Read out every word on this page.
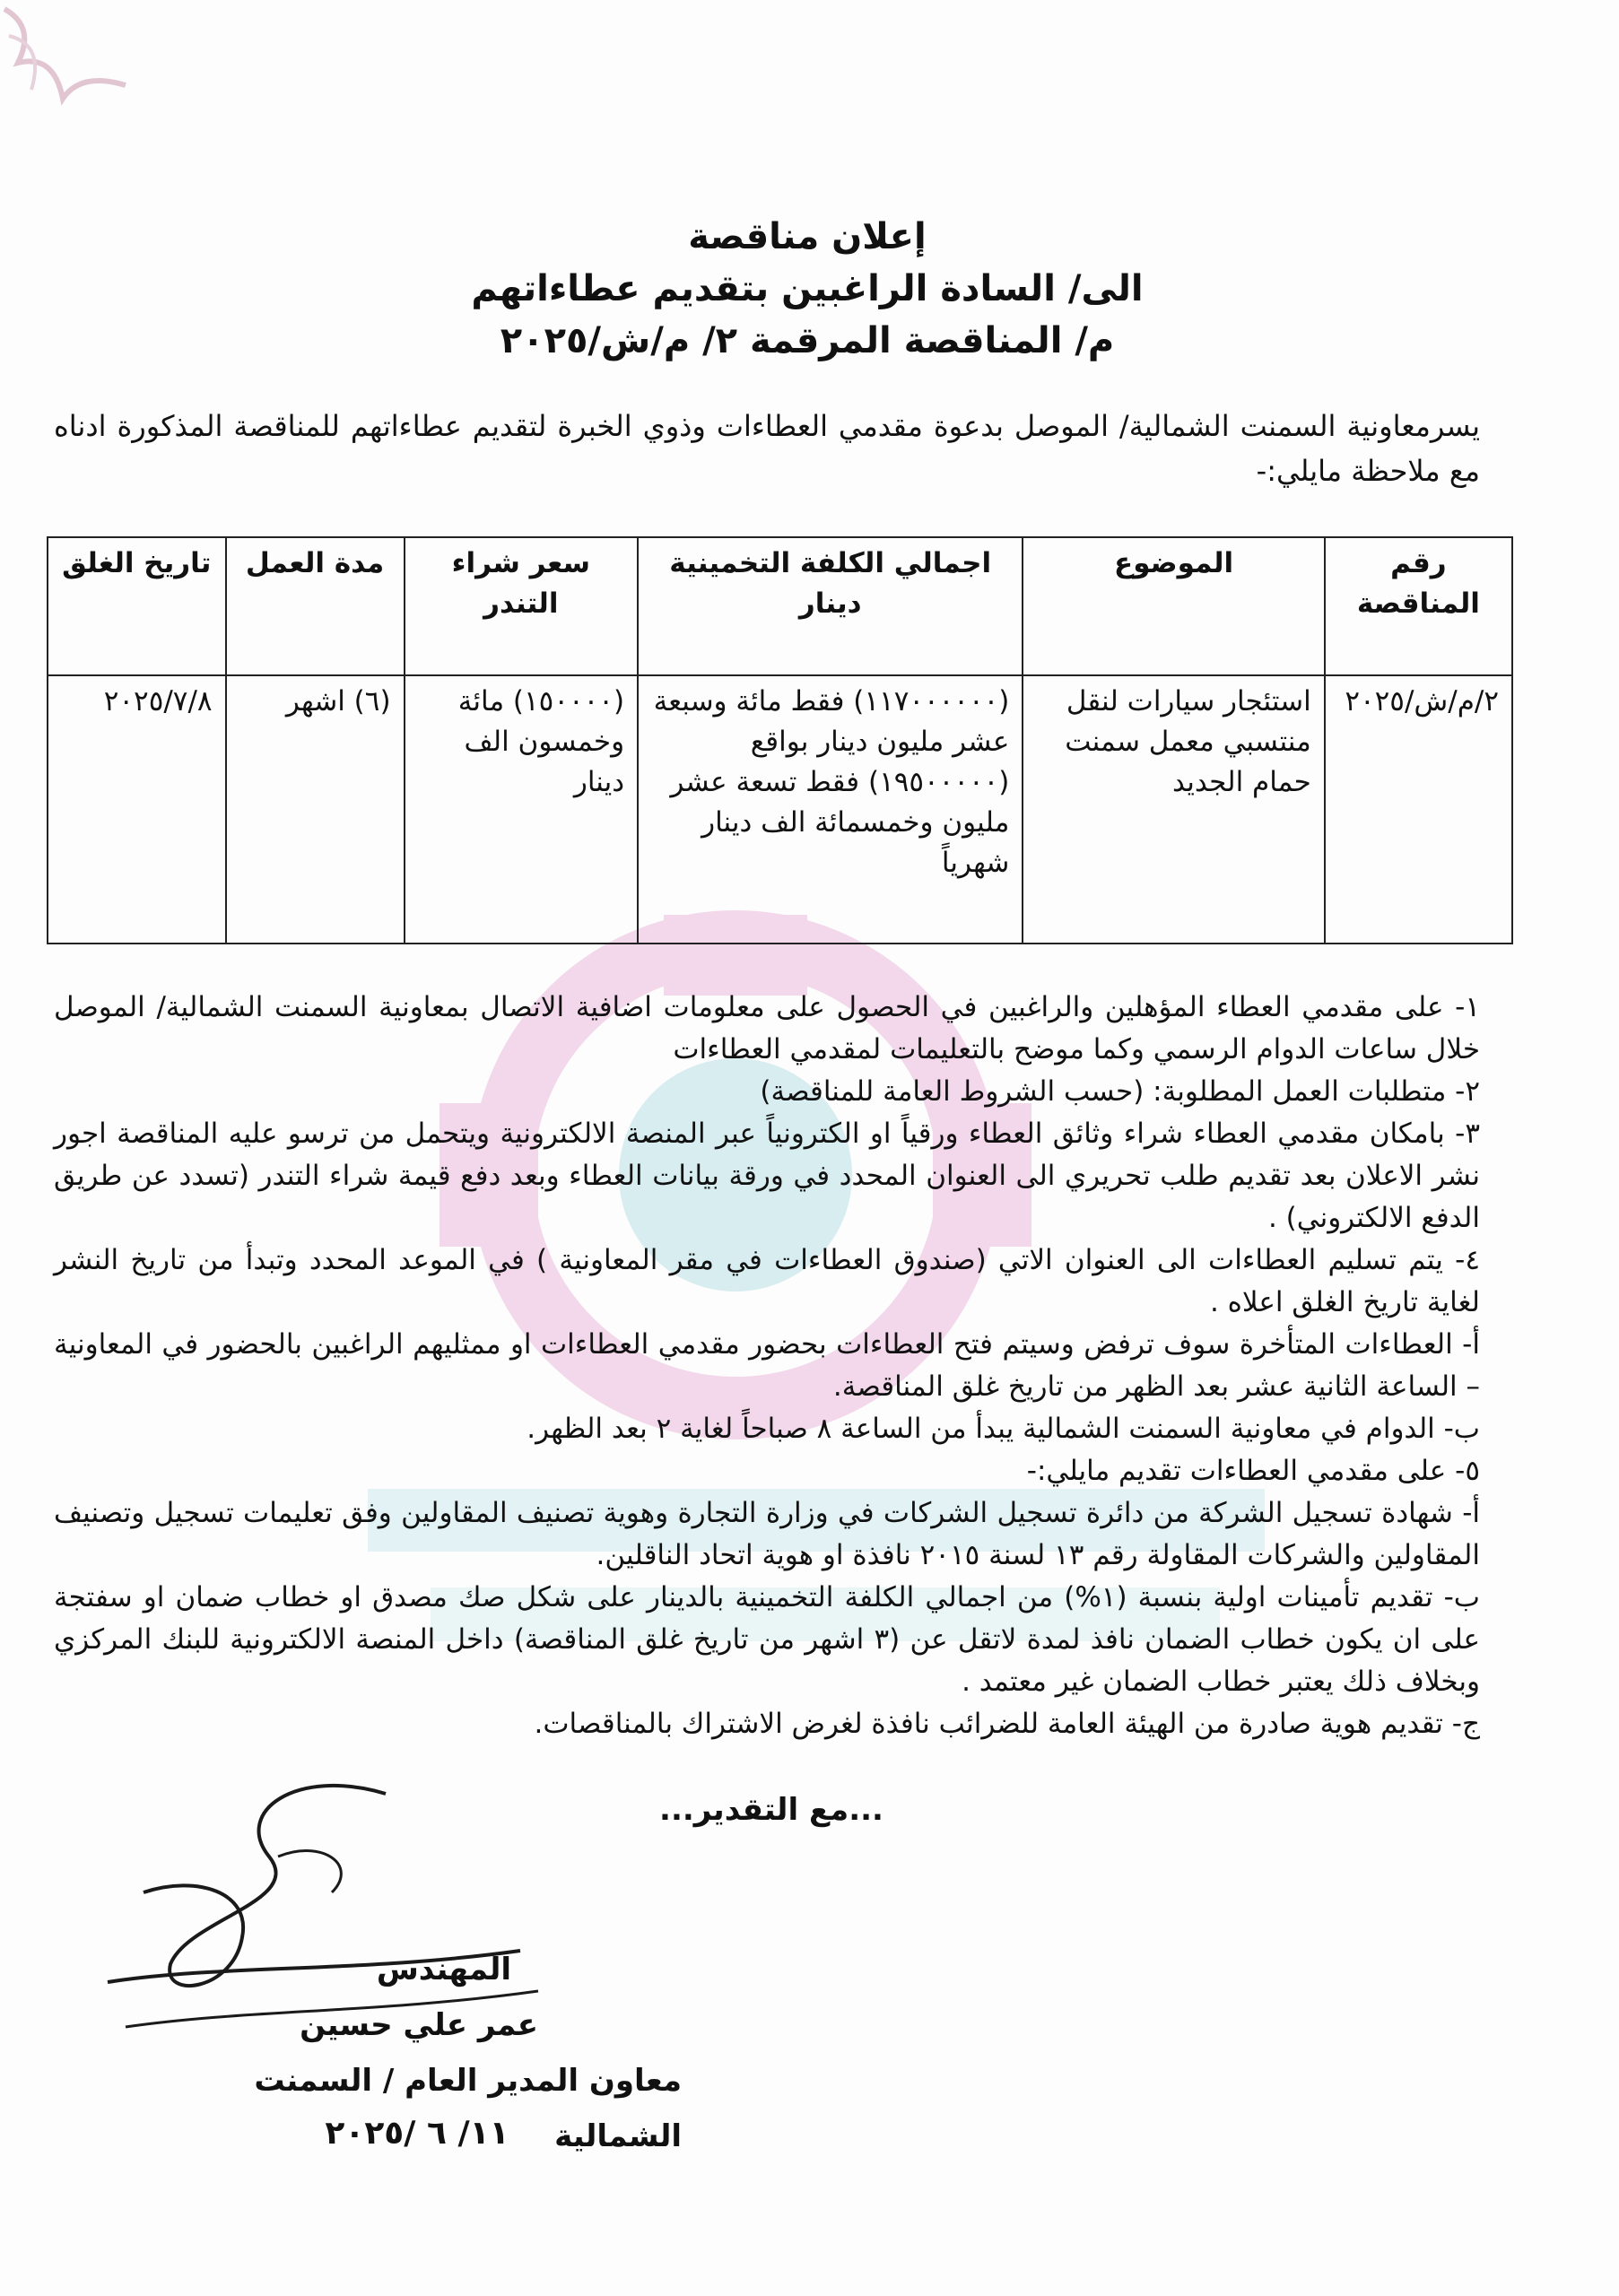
إعلان مناقصة
الى/ السادة الراغبين بتقديم عطاءاتهم
م/ المناقصة المرقمة ٢/ م/ش/٢٠٢٥
يسرمعاونية السمنت الشمالية/ الموصل بدعوة مقدمي العطاءات وذوي الخبرة لتقديم عطاءاتهم للمناقصة المذكورة ادناه مع ملاحظة مايلي:-
رقم المناقصة	الموضوع	اجمالي الكلفة التخمينية دينار	سعر شراء التندر	مدة العمل	تاريخ الغلق
٢/م/ش/٢٠٢٥	استئجار سيارات لنقل منتسبي معمل سمنت حمام الجديد	(١١٧٠٠٠٠٠٠) فقط مائة وسبعة عشر مليون دينار بواقع (١٩٥٠٠٠٠٠) فقط تسعة عشر مليون وخمسمائة الف دينار شهرياً	(١٥٠٠٠٠) مائة وخمسون الف دينار	(٦) اشهر	٢٠٢٥/٧/٨

١- على مقدمي العطاء المؤهلين والراغبين في الحصول على معلومات اضافية الاتصال بمعاونية السمنت الشمالية/ الموصل خلال ساعات الدوام الرسمي وكما موضح بالتعليمات لمقدمي العطاءات

٢- متطلبات العمل المطلوبة: (حسب الشروط العامة للمناقصة)

٣- بامكان مقدمي العطاء شراء وثائق العطاء ورقياً او الكترونياً عبر المنصة الالكترونية ويتحمل من ترسو عليه المناقصة اجور نشر الاعلان بعد تقديم طلب تحريري الى العنوان المحدد في ورقة بيانات العطاء وبعد دفع قيمة شراء التندر (تسدد عن طريق الدفع الالكتروني) .

٤- يتم تسليم العطاءات الى العنوان الاتي (صندوق العطاءات في مقر المعاونية ) في الموعد المحدد وتبدأ من تاريخ النشر لغاية تاريخ الغلق اعلاه .

أ- العطاءات المتأخرة سوف ترفض وسيتم فتح العطاءات بحضور مقدمي العطاءات او ممثليهم الراغبين بالحضور في المعاونية – الساعة الثانية عشر بعد الظهر من تاريخ غلق المناقصة.

ب- الدوام في معاونية السمنت الشمالية يبدأ من الساعة ٨ صباحاً لغاية ٢ بعد الظهر.

٥- على مقدمي العطاءات تقديم مايلي:-

أ- شهادة تسجيل الشركة من دائرة تسجيل الشركات في وزارة التجارة وهوية تصنيف المقاولين وفق تعليمات تسجيل وتصنيف المقاولين والشركات المقاولة رقم ١٣ لسنة ٢٠١٥ نافذة او هوية اتحاد الناقلين.

ب- تقديم تأمينات اولية بنسبة (١%) من اجمالي الكلفة التخمينية بالدينار على شكل صك مصدق او خطاب ضمان او سفتجة على ان يكون خطاب الضمان نافذ لمدة لاتقل عن (٣ اشهر من تاريخ غلق المناقصة) داخل المنصة الالكترونية للبنك المركزي وبخلاف ذلك يعتبر خطاب الضمان غير معتمد .

ج- تقديم هوية صادرة من الهيئة العامة للضرائب نافذة لغرض الاشتراك بالمناقصات.

...مع التقدير...
المهندس
عمر علي حسين
معاون المدير العام / السمنت الشمالية
١١/ ٦ /٢٠٢٥
